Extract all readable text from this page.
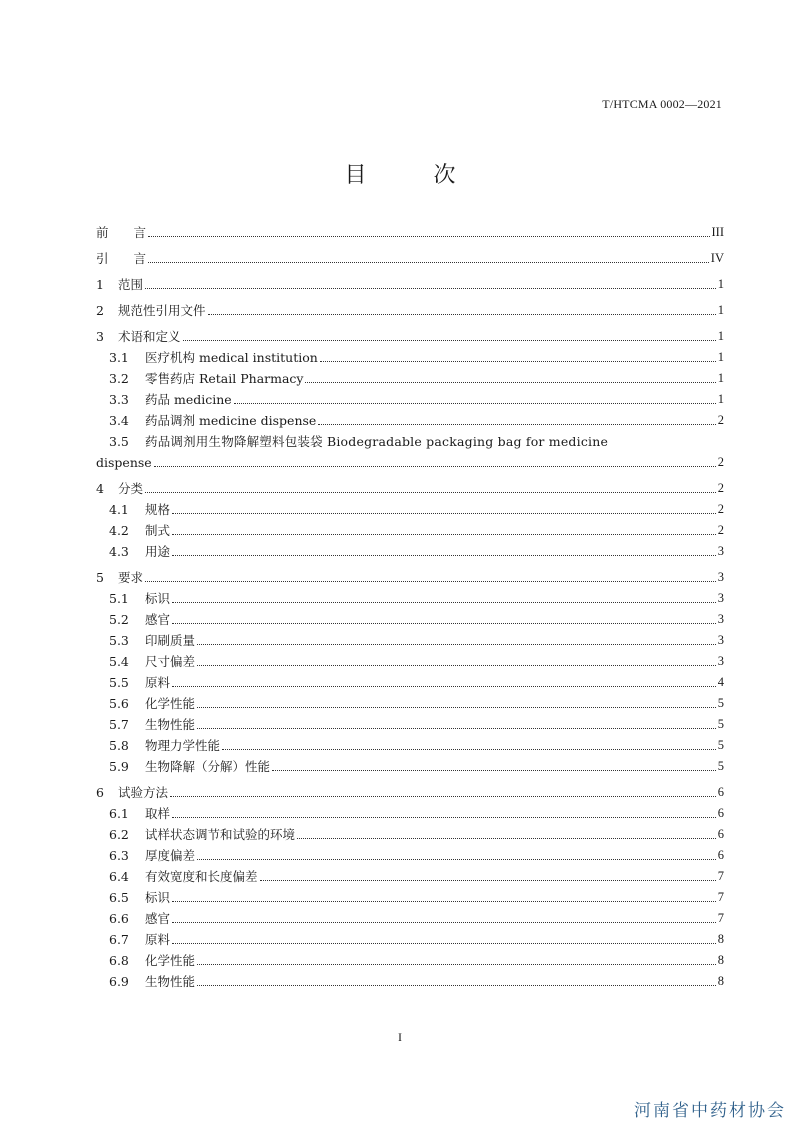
T/HTCMA 0002—2021
目 次
前　　言	III
引　　言	IV
1	范围	1
2	规范性引用文件	1
3	术语和定义	1
3.1	医疗机构 medical institution	1
3.2	零售药店 Retail Pharmacy	1
3.3	药品 medicine	1
3.4	药品调剂 medicine dispense	2
3.5	药品调剂用生物降解塑料包装袋 Biodegradable packaging bag for medicine
dispense	2
4	分类	2
4.1	规格	2
4.2	制式	2
4.3	用途	3
5	要求	3
5.1	标识	3
5.2	感官	3
5.3	印刷质量	3
5.4	尺寸偏差	3
5.5	原料	4
5.6	化学性能	5
5.7	生物性能	5
5.8	物理力学性能	5
5.9	生物降解（分解）性能	5
6	试验方法	6
6.1	取样	6
6.2	试样状态调节和试验的环境	6
6.3	厚度偏差	6
6.4	有效宽度和长度偏差	7
6.5	标识	7
6.6	感官	7
6.7	原料	8
6.8	化学性能	8
6.9	生物性能	8
I
河南省中药材协会
